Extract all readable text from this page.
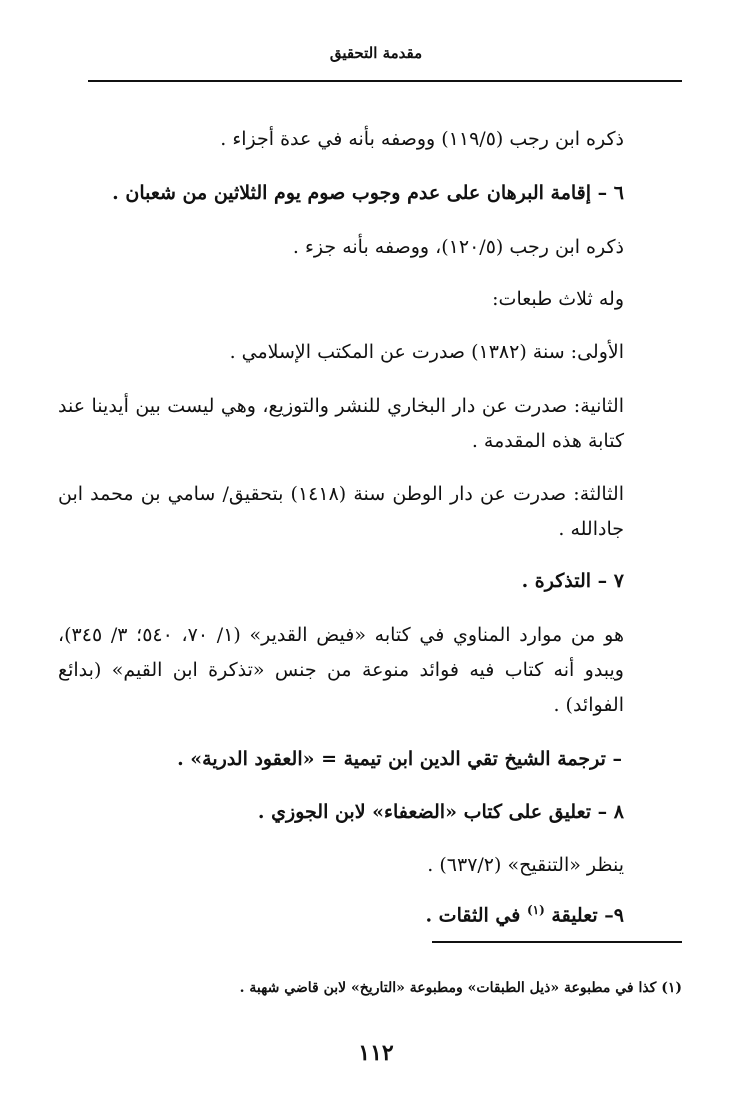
مقدمة التحقيق
ذكره ابن رجب (١١٩/٥) ووصفه بأنه في عدة أجزاء .
٦ – إقامة البرهان على عدم وجوب صوم يوم الثلاثين من شعبان .
ذكره ابن رجب (١٢٠/٥)، ووصفه بأنه جزء .
وله ثلاث طبعات:
الأولى: سنة (١٣٨٢) صدرت عن المكتب الإسلامي .
الثانية: صدرت عن دار البخاري للنشر والتوزيع، وهي ليست بين أيدينا عند كتابة هذه المقدمة .
الثالثة: صدرت عن دار الوطن سنة (١٤١٨) بتحقيق/ سامي بن محمد ابن جادالله .
٧ – التذكرة .
هو من موارد المناوي في كتابه «فيض القدير» (١/ ٧٠، ٥٤٠؛ ٣/ ٣٤٥)، ويبدو أنه كتاب فيه فوائد منوعة من جنس «تذكرة ابن القيم» (بدائع الفوائد) .
– ترجمة الشيخ تقي الدين ابن تيمية = «العقود الدرية» .
٨ – تعليق على كتاب «الضعفاء» لابن الجوزي .
ينظر «التنقيح» (٦٣٧/٢) .
٩– تعليقة $^{(١)}$ في الثقات .
(١) كذا في مطبوعة «ذيل الطبقات» ومطبوعة «التاريخ» لابن قاضي شهبة .
١١٢
